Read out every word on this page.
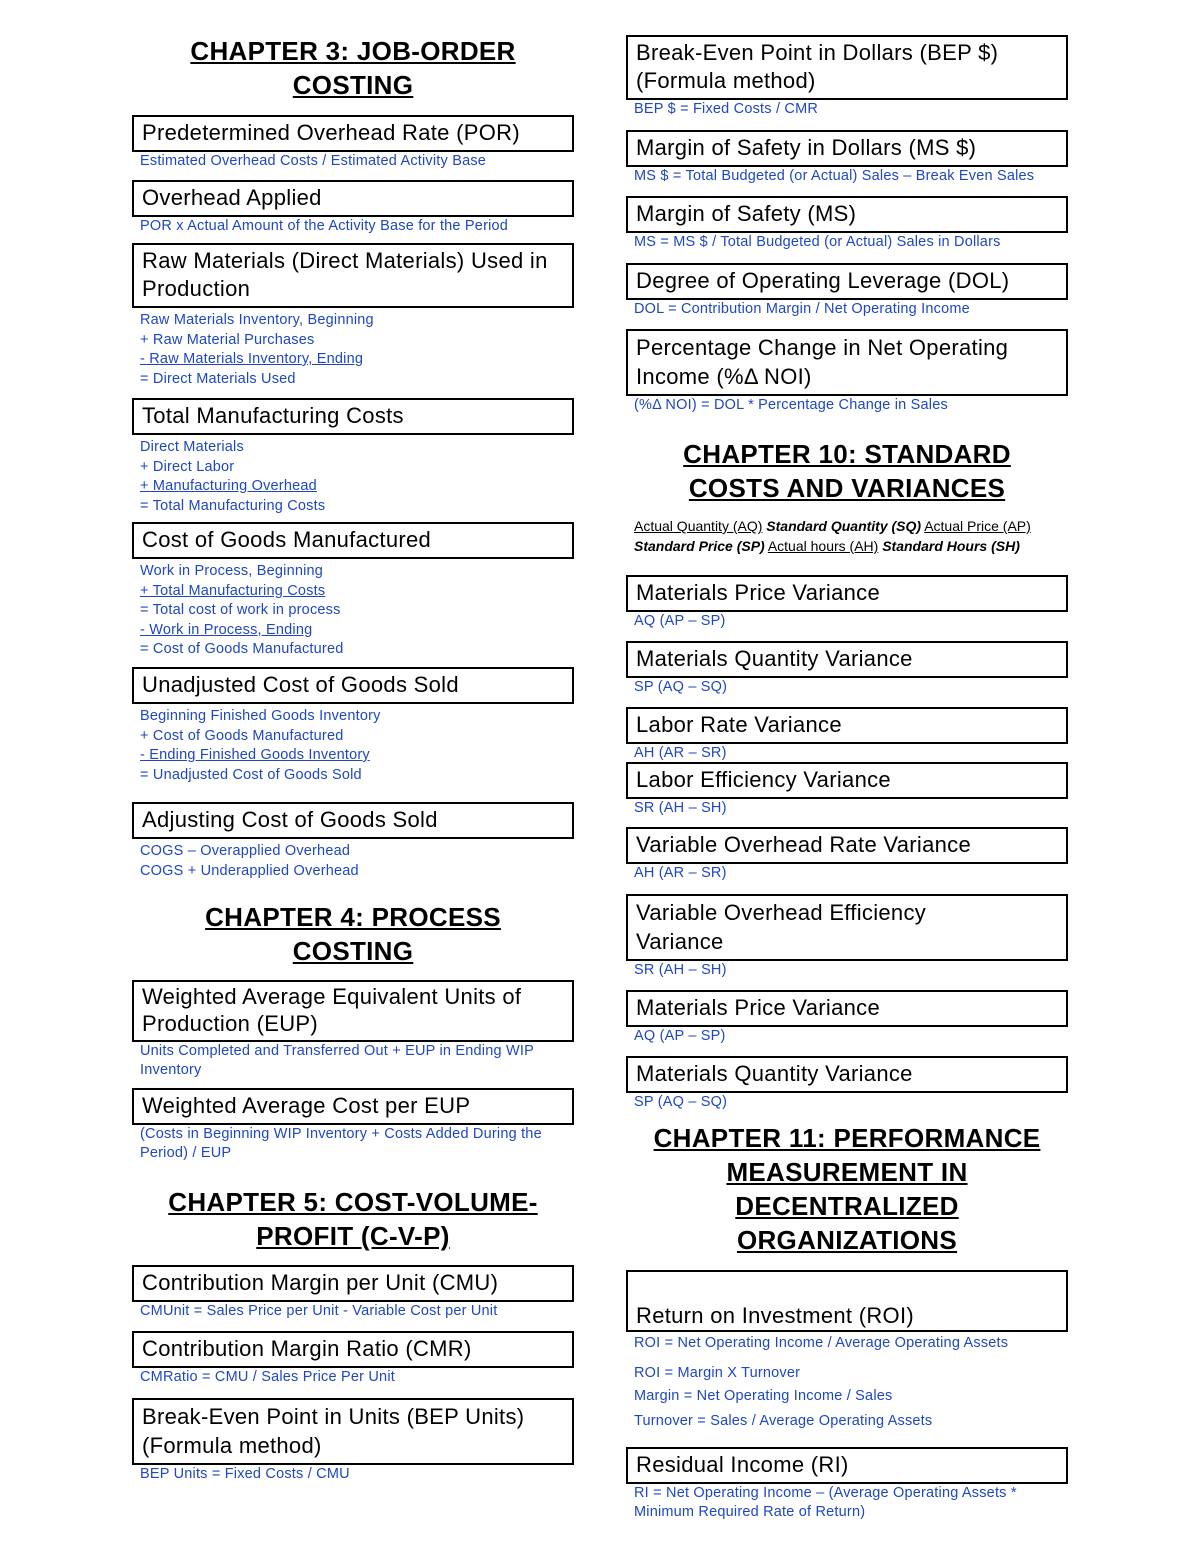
CHAPTER 3: JOB-ORDER COSTING
Predetermined Overhead Rate (POR)
Estimated Overhead Costs / Estimated Activity Base
Overhead Applied
POR x Actual Amount of the Activity Base for the Period
Raw Materials (Direct Materials) Used in Production
Raw Materials Inventory, Beginning
+ Raw Material Purchases
- Raw Materials Inventory, Ending
= Direct Materials Used
Total Manufacturing Costs
Direct Materials
+ Direct Labor
+ Manufacturing Overhead
= Total Manufacturing Costs
Cost of Goods Manufactured
Work in Process, Beginning
+ Total Manufacturing Costs
= Total cost of work in process
- Work in Process, Ending
= Cost of Goods Manufactured
Unadjusted Cost of Goods Sold
Beginning Finished Goods Inventory
+ Cost of Goods Manufactured
- Ending Finished Goods Inventory
= Unadjusted Cost of Goods Sold
Adjusting Cost of Goods Sold
COGS – Overapplied Overhead
COGS + Underapplied Overhead
CHAPTER 4: PROCESS COSTING
Weighted Average Equivalent Units of Production (EUP)
Units Completed and Transferred Out + EUP in Ending WIP Inventory
Weighted Average Cost per EUP
(Costs in Beginning WIP Inventory + Costs Added During the Period) / EUP
CHAPTER 5: COST-VOLUME-PROFIT (C-V-P)
Contribution Margin per Unit (CMU)
CMUnit = Sales Price per Unit - Variable Cost per Unit
Contribution Margin Ratio (CMR)
CMRatio = CMU / Sales Price Per Unit
Break-Even Point in Units (BEP Units) (Formula method)
BEP Units = Fixed Costs / CMU
Break-Even Point in Dollars (BEP $) (Formula method)
BEP $ = Fixed Costs / CMR
Margin of Safety in Dollars (MS $)
MS $ = Total Budgeted (or Actual) Sales – Break Even Sales
Margin of Safety (MS)
MS = MS $ / Total Budgeted (or Actual) Sales in Dollars
Degree of Operating Leverage (DOL)
DOL = Contribution Margin / Net Operating Income
Percentage Change in Net Operating Income (%Δ NOI)
(%Δ NOI) = DOL * Percentage Change in Sales
CHAPTER 10: STANDARD COSTS AND VARIANCES
Actual Quantity (AQ) Standard Quantity (SQ) Actual Price (AP)
Standard Price (SP) Actual hours (AH) Standard Hours (SH)
Materials Price Variance
AQ (AP – SP)
Materials Quantity Variance
SP (AQ – SQ)
Labor Rate Variance
AH (AR – SR)
Labor Efficiency Variance
SR (AH – SH)
Variable Overhead Rate Variance
AH (AR – SR)
Variable Overhead Efficiency Variance
SR (AH – SH)
Materials Price Variance
AQ (AP – SP)
Materials Quantity Variance
SP (AQ – SQ)
CHAPTER 11: PERFORMANCE MEASUREMENT IN DECENTRALIZED ORGANIZATIONS
Return on Investment (ROI)
ROI = Net Operating Income / Average Operating Assets
ROI = Margin X Turnover
Margin = Net Operating Income / Sales
Turnover = Sales / Average Operating Assets
Residual Income (RI)
RI = Net Operating Income – (Average Operating Assets * Minimum Required Rate of Return)
